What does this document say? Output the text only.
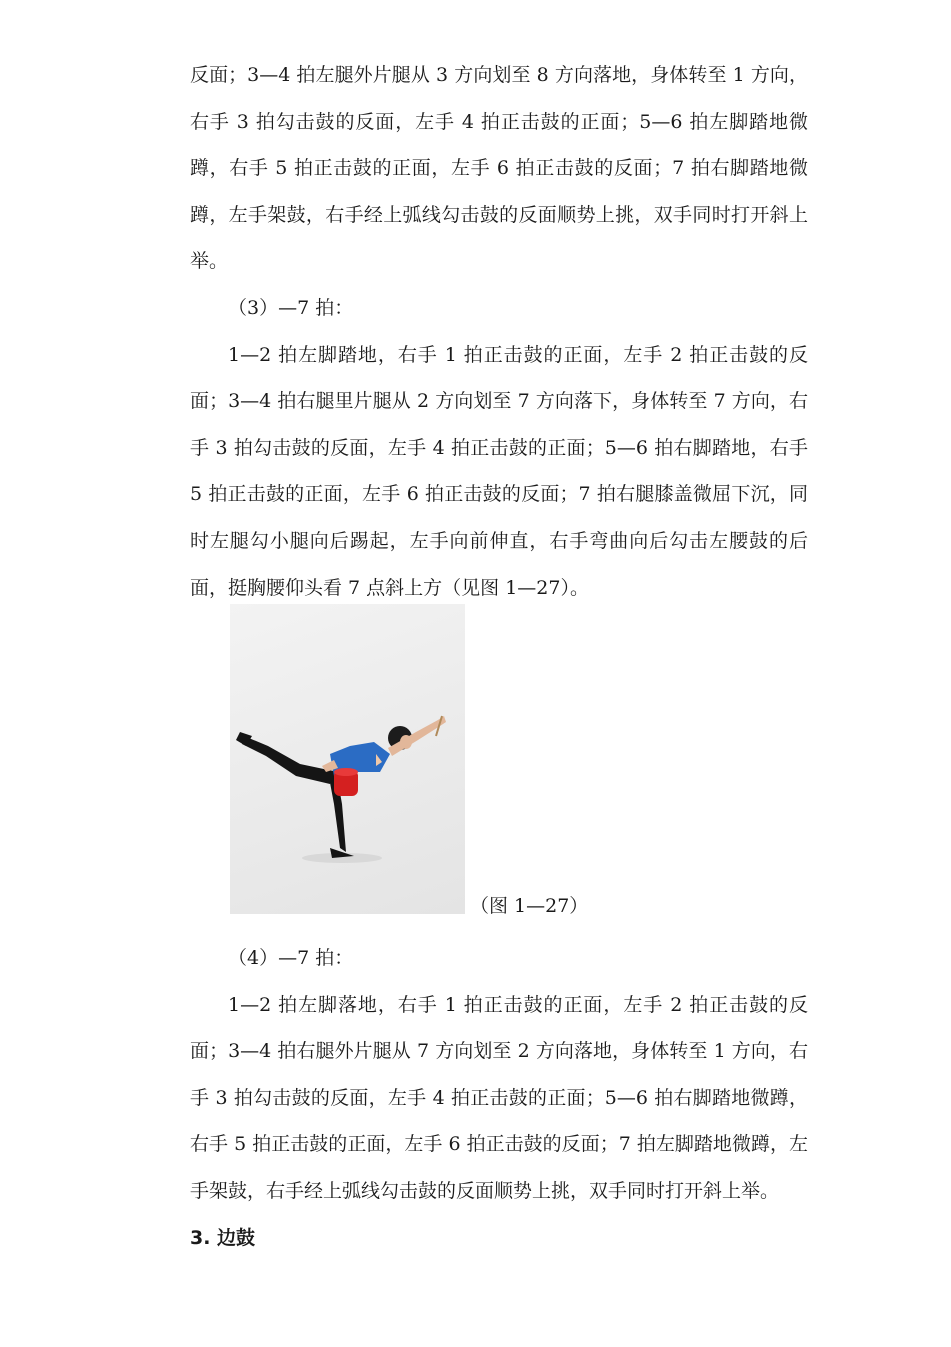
反面；3—4 拍左腿外片腿从 3 方向划至 8 方向落地，身体转至 1 方向，右手 3 拍勾击鼓的反面，左手 4 拍正击鼓的正面；5—6 拍左脚踏地微蹲，右手 5 拍正击鼓的正面，左手 6 拍正击鼓的反面；7 拍右脚踏地微蹲，左手架鼓，右手经上弧线勾击鼓的反面顺势上挑，双手同时打开斜上举。

（3）—7 拍：

1—2 拍左脚踏地，右手 1 拍正击鼓的正面，左手 2 拍正击鼓的反面；3—4 拍右腿里片腿从 2 方向划至 7 方向落下，身体转至 7 方向，右手 3 拍勾击鼓的反面，左手 4 拍正击鼓的正面；5—6 拍右脚踏地，右手 5 拍正击鼓的正面，左手 6 拍正击鼓的反面；7 拍右腿膝盖微屈下沉，同时左腿勾小腿向后踢起，左手向前伸直，右手弯曲向后勾击左腰鼓的后面，挺胸腰仰头看 7 点斜上方（见图 1—27）。

（图 1—27）

（4）—7 拍：

1—2 拍左脚落地，右手 1 拍正击鼓的正面，左手 2 拍正击鼓的反面；3—4 拍右腿外片腿从 7 方向划至 2 方向落地，身体转至 1 方向，右手 3 拍勾击鼓的反面，左手 4 拍正击鼓的正面；5—6 拍右脚踏地微蹲，右手 5 拍正击鼓的正面，左手 6 拍正击鼓的反面；7 拍左脚踏地微蹲，左手架鼓，右手经上弧线勾击鼓的反面顺势上挑，双手同时打开斜上举。

3. 边鼓
